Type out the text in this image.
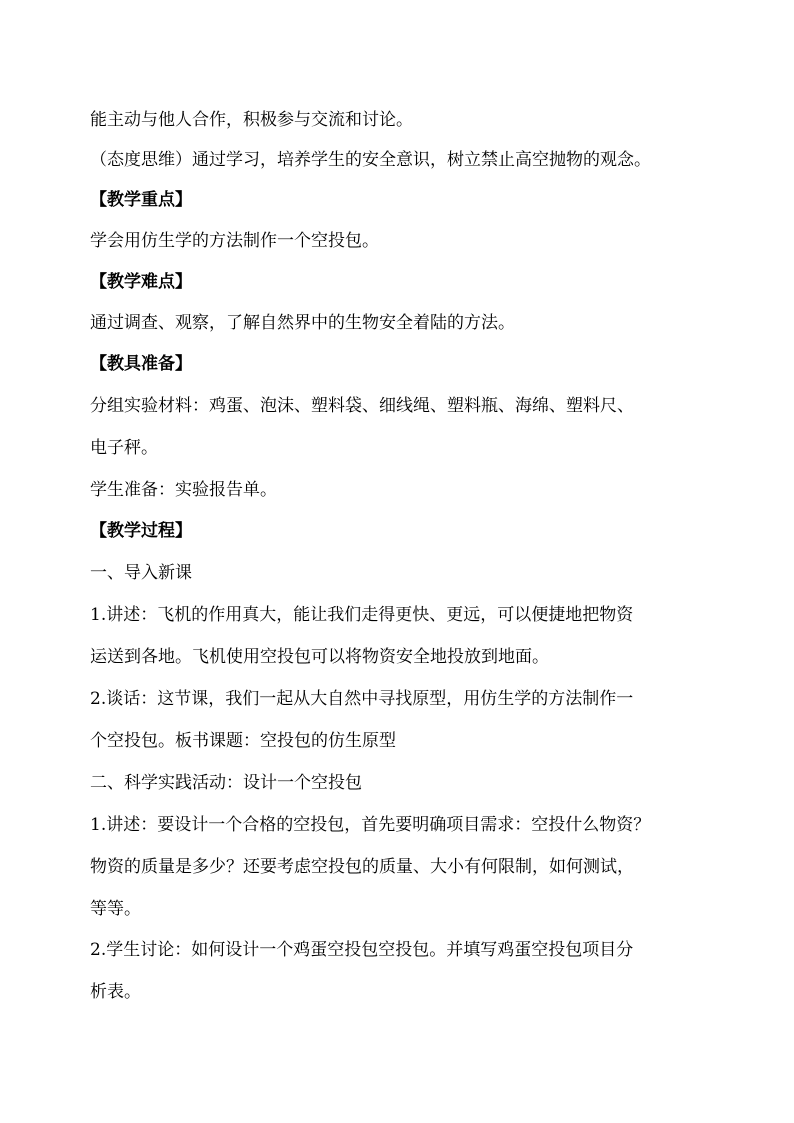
能主动与他人合作，积极参与交流和讨论。
（态度思维）通过学习，培养学生的安全意识，树立禁止高空抛物的观念。
【教学重点】
学会用仿生学的方法制作一个空投包。
【教学难点】
通过调查、观察，了解自然界中的生物安全着陆的方法。
【教具准备】
分组实验材料：鸡蛋、泡沫、塑料袋、细线绳、塑料瓶、海绵、塑料尺、
电子秤。
学生准备：实验报告单。
【教学过程】
一、导入新课
1.讲述：飞机的作用真大，能让我们走得更快、更远，可以便捷地把物资
运送到各地。飞机使用空投包可以将物资安全地投放到地面。
2.谈话：这节课，我们一起从大自然中寻找原型，用仿生学的方法制作一
个空投包。板书课题：空投包的仿生原型
二、科学实践活动：设计一个空投包
1.讲述：要设计一个合格的空投包，首先要明确项目需求：空投什么物资？
物资的质量是多少？还要考虑空投包的质量、大小有何限制，如何测试，
等等。
2.学生讨论：如何设计一个鸡蛋空投包空投包。并填写鸡蛋空投包项目分
析表。
